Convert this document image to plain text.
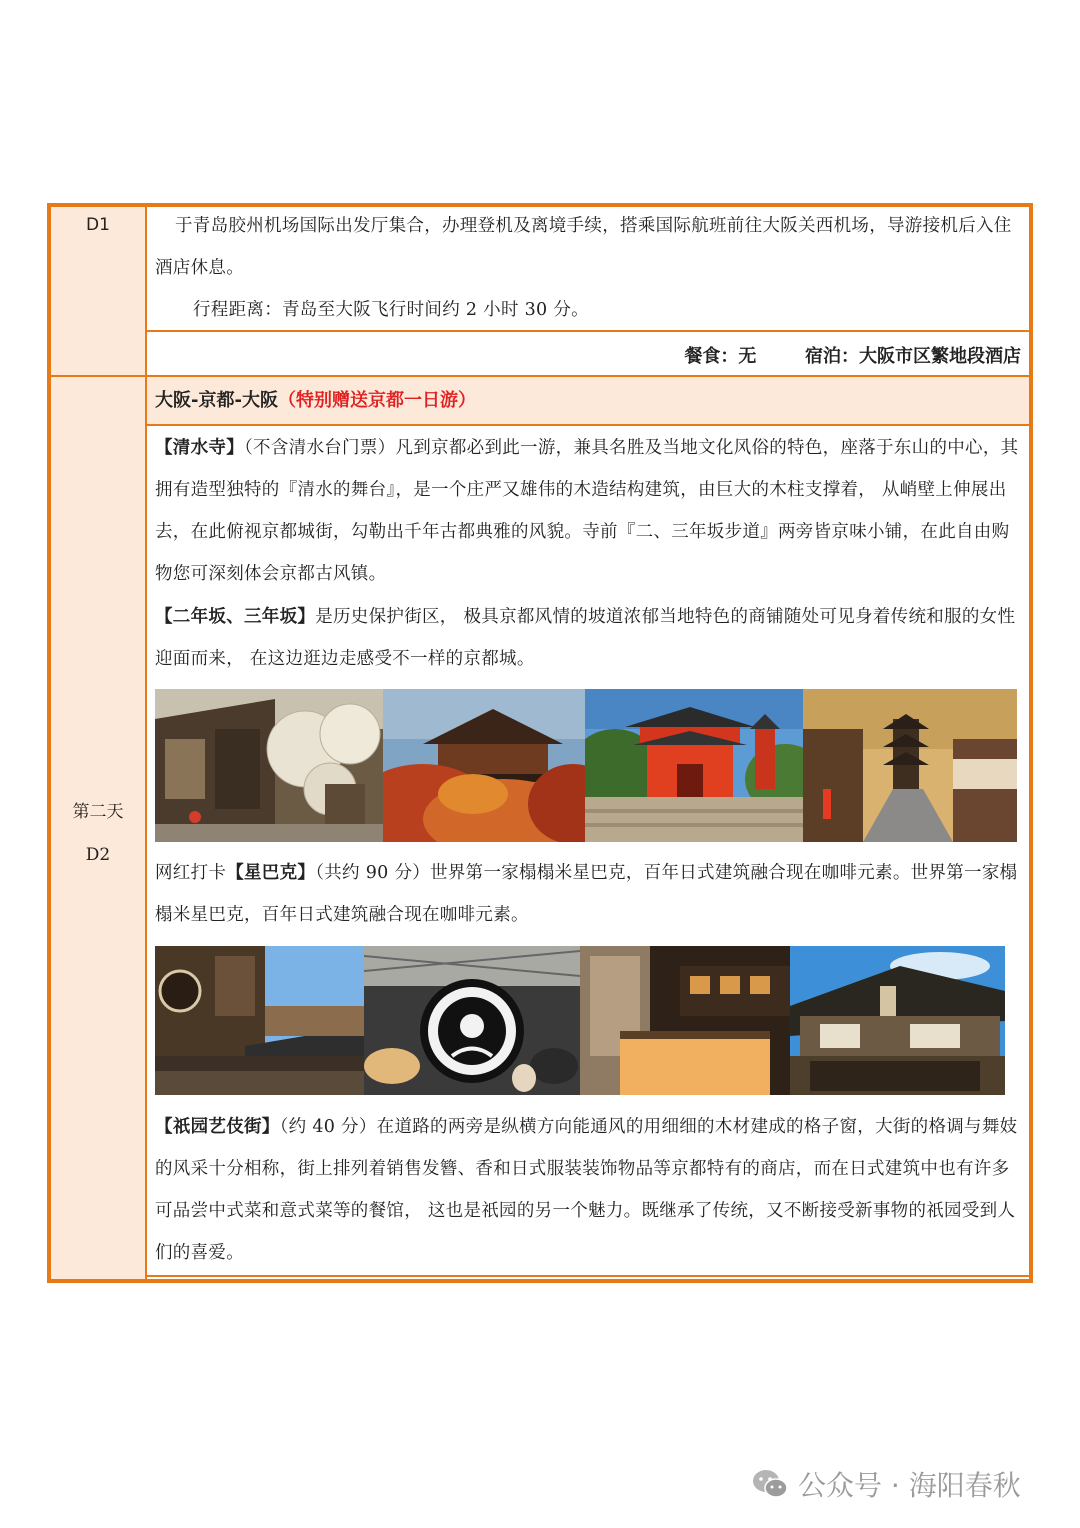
D1	于青岛胶州机场国际出发厅集合，办理登机及离境手续，搭乘国际航班前往大阪关西机场，导游接机后入住酒店休息。
行程距离：青岛至大阪飞行时间约 2 小时 30 分。
餐食：无	宿泊：大阪市区繁地段酒店
大阪-京都-大阪（特别赠送京都一日游）
第二天
D2
【清水寺】（不含清水台门票）凡到京都必到此一游，兼具名胜及当地文化风俗的特色，座落于东山的中心，其拥有造型独特的『清水的舞台』，是一个庄严又雄伟的木造结构建筑，由巨大的木柱支撑着， 从峭壁上伸展出去，在此俯视京都城街，勾勒出千年古都典雅的风貌。寺前『二、三年坂步道』两旁皆京味小铺，在此自由购物您可深刻体会京都古风镇。
【二年坂、三年坂】是历史保护街区， 极具京都风情的坡道浓郁当地特色的商铺随处可见身着传统和服的女性迎面而来， 在这边逛边走感受不一样的京都城。
网红打卡【星巴克】（共约 90 分）世界第一家榻榻米星巴克，百年日式建筑融合现在咖啡元素。世界第一家榻榻米星巴克，百年日式建筑融合现在咖啡元素。
【祇园艺伎街】（约 40 分）在道路的两旁是纵横方向能通风的用细细的木材建成的格子窗，大街的格调与舞妓的风采十分相称，街上排列着销售发簪、香和日式服装装饰物品等京都特有的商店，而在日式建筑中也有许多可品尝中式菜和意式菜等的餐馆， 这也是祇园的另一个魅力。既继承了传统，又不断接受新事物的祇园受到人们的喜爱。
公众号 · 海阳春秋
